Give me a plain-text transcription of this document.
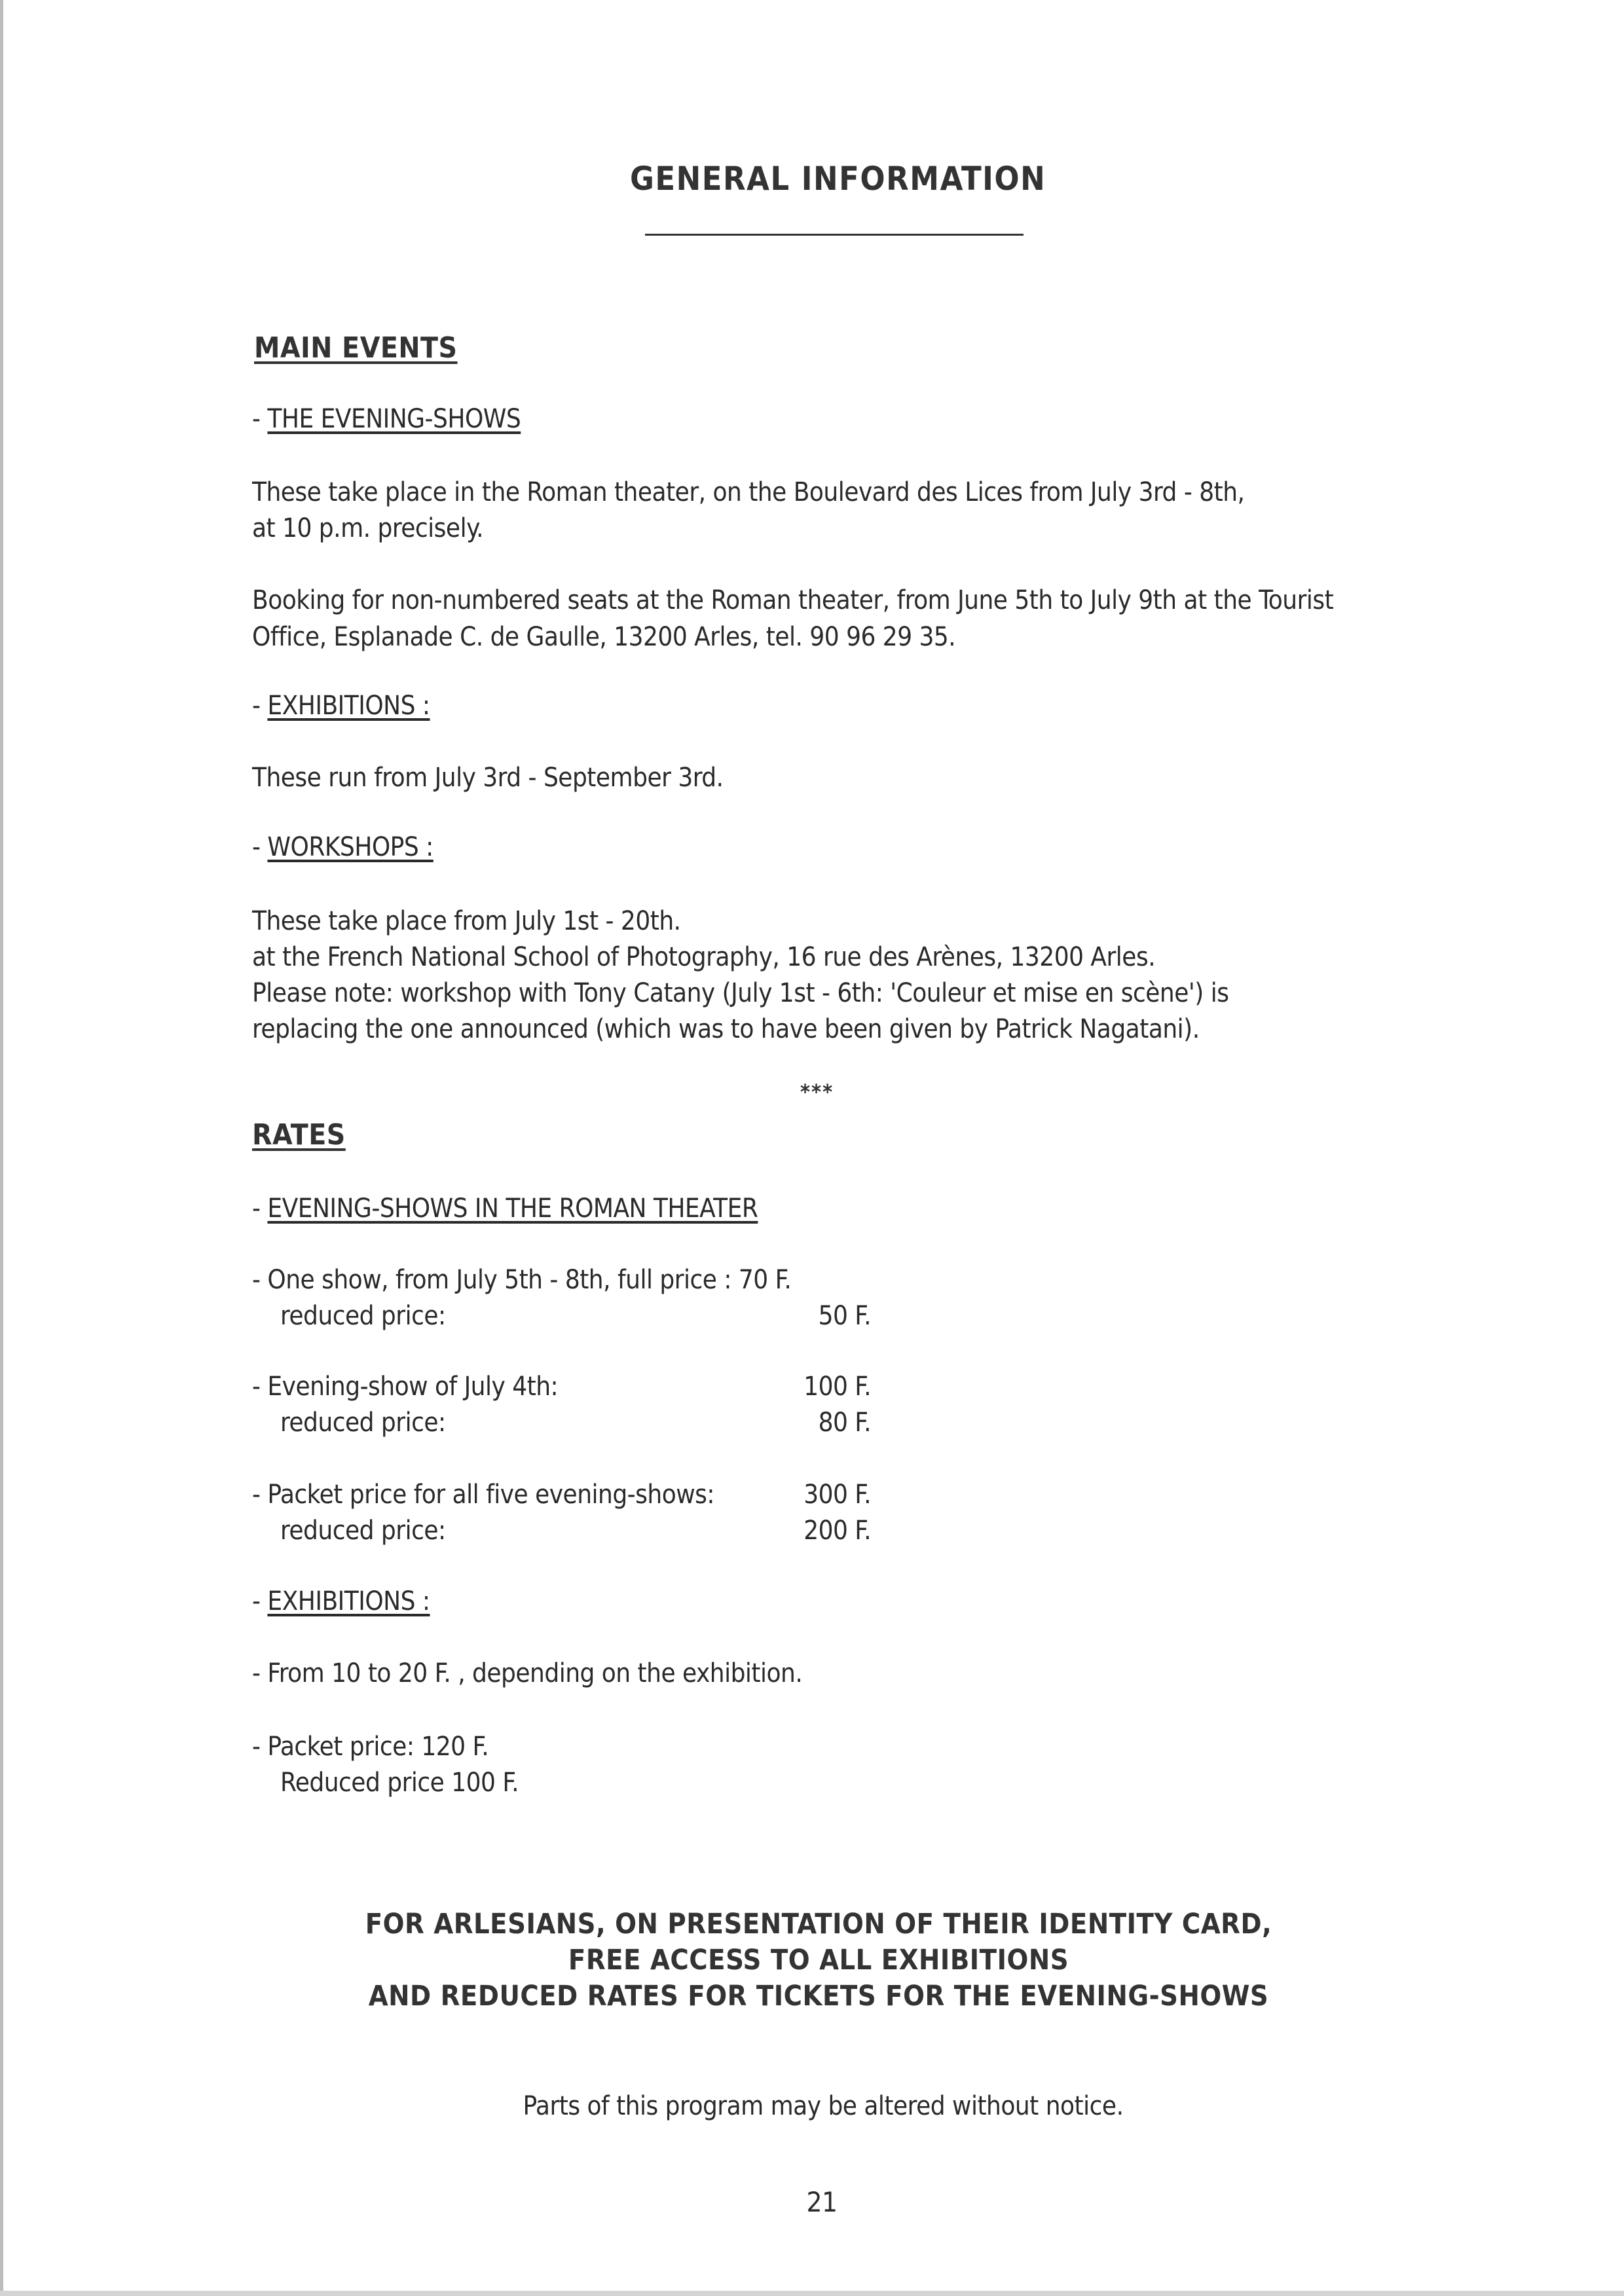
GENERAL INFORMATION
MAIN EVENTS
- THE EVENING-SHOWS
These take place in the Roman theater, on the Boulevard des Lices from July 3rd - 8th,
at 10 p.m. precisely.
Booking for non-numbered seats at the Roman theater, from June 5th to July 9th at the Tourist
Office, Esplanade C. de Gaulle, 13200 Arles, tel. 90 96 29 35.
- EXHIBITIONS :
These run from July 3rd - September 3rd.
- WORKSHOPS :
These take place from July 1st - 20th.
at the French National School of Photography, 16 rue des Arènes, 13200 Arles.
Please note: workshop with Tony Catany (July 1st - 6th: 'Couleur et mise en scène') is
replacing the one announced (which was to have been given by Patrick Nagatani).
***
RATES
- EVENING-SHOWS IN THE ROMAN THEATER
- One show, from July 5th - 8th, full price : 70 F.
reduced price:	50 F.
- Evening-show of July 4th:	100 F.
reduced price:	80 F.
- Packet price for all five evening-shows:	300 F.
reduced price:	200 F.
- EXHIBITIONS :
- From 10 to 20 F. , depending on the exhibition.
- Packet price: 120 F.
Reduced price 100 F.
FOR ARLESIANS, ON PRESENTATION OF THEIR IDENTITY CARD,
FREE ACCESS TO ALL EXHIBITIONS
AND REDUCED RATES FOR TICKETS FOR THE EVENING-SHOWS
Parts of this program may be altered without notice.
21
